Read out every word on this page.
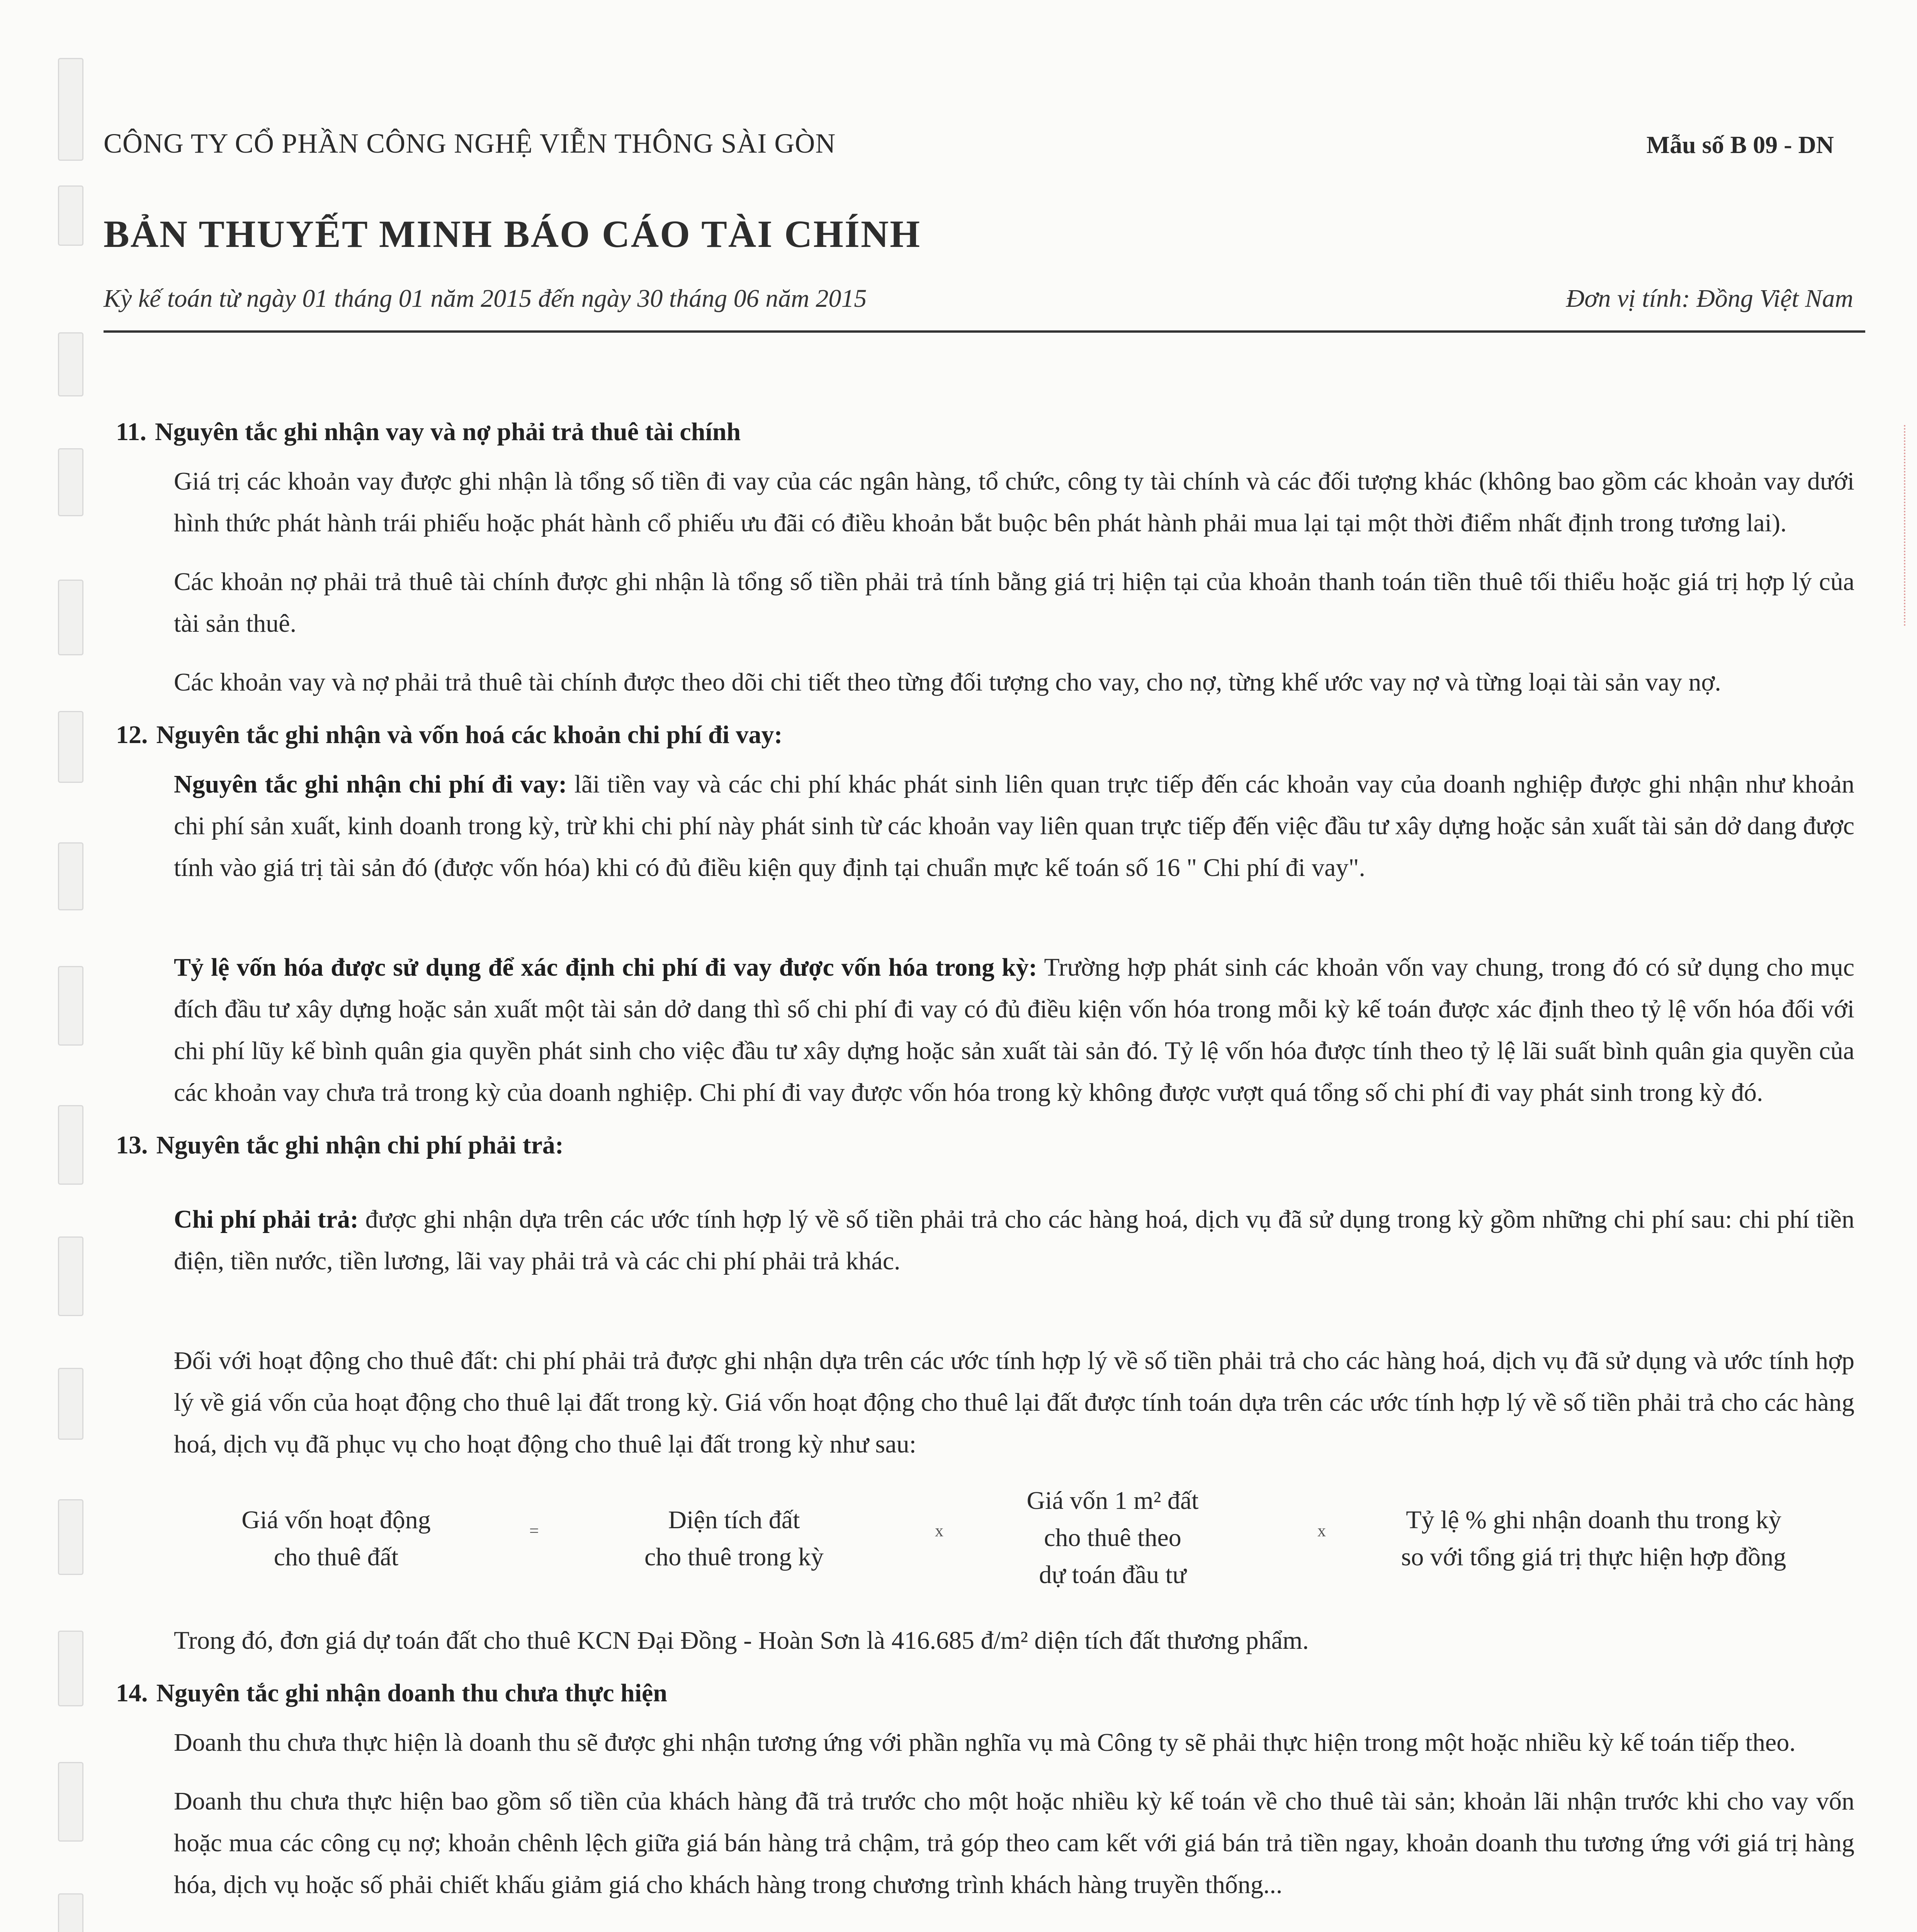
CÔNG TY CỔ PHẦN CÔNG NGHỆ VIỄN THÔNG SÀI GÒN	Mẫu số B 09 - DN
BẢN THUYẾT MINH BÁO CÁO TÀI CHÍNH
Kỳ kế toán từ ngày 01 tháng 01 năm 2015 đến ngày 30 tháng 06 năm 2015	Đơn vị tính: Đồng Việt Nam
11. Nguyên tắc ghi nhận vay và nợ phải trả thuê tài chính

Giá trị các khoản vay được ghi nhận là tổng số tiền đi vay của các ngân hàng, tổ chức, công ty tài chính và các đối tượng khác (không bao gồm các khoản vay dưới hình thức phát hành trái phiếu hoặc phát hành cổ phiếu ưu đãi có điều khoản bắt buộc bên phát hành phải mua lại tại một thời điểm nhất định trong tương lai).

Các khoản nợ phải trả thuê tài chính được ghi nhận là tổng số tiền phải trả tính bằng giá trị hiện tại của khoản thanh toán tiền thuê tối thiểu hoặc giá trị hợp lý của tài sản thuê.

Các khoản vay và nợ phải trả thuê tài chính được theo dõi chi tiết theo từng đối tượng cho vay, cho nợ, từng khế ước vay nợ và từng loại tài sản vay nợ.

12. Nguyên tắc ghi nhận và vốn hoá các khoản chi phí đi vay:

Nguyên tắc ghi nhận chi phí đi vay: lãi tiền vay và các chi phí khác phát sinh liên quan trực tiếp đến các khoản vay của doanh nghiệp được ghi nhận như khoản chi phí sản xuất, kinh doanh trong kỳ, trừ khi chi phí này phát sinh từ các khoản vay liên quan trực tiếp đến việc đầu tư xây dựng hoặc sản xuất tài sản dở dang được tính vào giá trị tài sản đó (được vốn hóa) khi có đủ điều kiện quy định tại chuẩn mực kế toán số 16 " Chi phí đi vay".

Tỷ lệ vốn hóa được sử dụng để xác định chi phí đi vay được vốn hóa trong kỳ: Trường hợp phát sinh các khoản vốn vay chung, trong đó có sử dụng cho mục đích đầu tư xây dựng hoặc sản xuất một tài sản dở dang thì số chi phí đi vay có đủ điều kiện vốn hóa trong mỗi kỳ kế toán được xác định theo tỷ lệ vốn hóa đối với chi phí lũy kế bình quân gia quyền phát sinh cho việc đầu tư xây dựng hoặc sản xuất tài sản đó. Tỷ lệ vốn hóa được tính theo tỷ lệ lãi suất bình quân gia quyền của các khoản vay chưa trả trong kỳ của doanh nghiệp. Chi phí đi vay được vốn hóa trong kỳ không được vượt quá tổng số chi phí đi vay phát sinh trong kỳ đó.

13. Nguyên tắc ghi nhận chi phí phải trả:

Chi phí phải trả: được ghi nhận dựa trên các ước tính hợp lý về số tiền phải trả cho các hàng hoá, dịch vụ đã sử dụng trong kỳ gồm những chi phí sau: chi phí tiền điện, tiền nước, tiền lương, lãi vay phải trả và các chi phí phải trả khác.

Đối với hoạt động cho thuê đất: chi phí phải trả được ghi nhận dựa trên các ước tính hợp lý về số tiền phải trả cho các hàng hoá, dịch vụ đã sử dụng và ước tính hợp lý về giá vốn của hoạt động cho thuê lại đất trong kỳ. Giá vốn hoạt động cho thuê lại đất được tính toán dựa trên các ước tính hợp lý về số tiền phải trả cho các hàng hoá, dịch vụ đã phục vụ cho hoạt động cho thuê lại đất trong kỳ như sau:

Giá vốn hoạt động
cho thuê đất
=	Diện tích đất
cho thuê trong kỳ
x
Giá vốn 1 m² đất
cho thuê theo
dự toán đầu tư
x	Tỷ lệ % ghi nhận doanh thu trong kỳ
so với tổng giá trị thực hiện hợp đồng

Trong đó, đơn giá dự toán đất cho thuê KCN Đại Đồng - Hoàn Sơn là 416.685 đ/m² diện tích đất thương phẩm.

14. Nguyên tắc ghi nhận doanh thu chưa thực hiện

Doanh thu chưa thực hiện là doanh thu sẽ được ghi nhận tương ứng với phần nghĩa vụ mà Công ty sẽ phải thực hiện trong một hoặc nhiều kỳ kế toán tiếp theo.

Doanh thu chưa thực hiện bao gồm số tiền của khách hàng đã trả trước cho một hoặc nhiều kỳ kế toán về cho thuê tài sản; khoản lãi nhận trước khi cho vay vốn hoặc mua các công cụ nợ; khoản chênh lệch giữa giá bán hàng trả chậm, trả góp theo cam kết với giá bán trả tiền ngay, khoản doanh thu tương ứng với giá trị hàng hóa, dịch vụ hoặc số phải chiết khấu giảm giá cho khách hàng trong chương trình khách hàng truyền thống...
